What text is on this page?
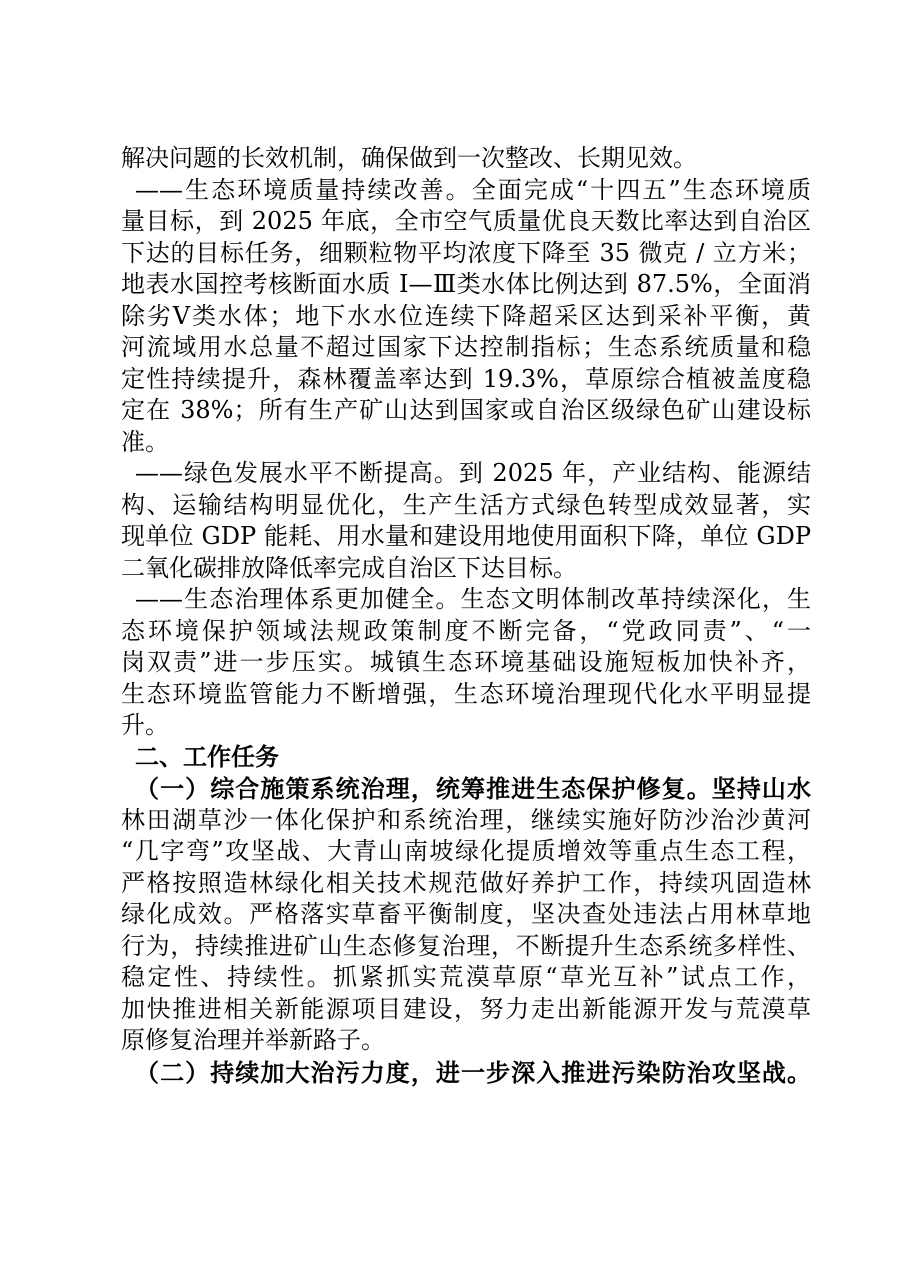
解决问题的长效机制，确保做到一次整改、长期见效。
——生态环境质量持续改善。全面完成“十四五”生态环境质
量目标，到 2025 年底，全市空气质量优良天数比率达到自治区
下达的目标任务，细颗粒物平均浓度下降至 35 微克 / 立方米；
地表水国控考核断面水质 I—Ⅲ类水体比例达到 87.5%，全面消
除劣Ⅴ类水体；地下水水位连续下降超采区达到采补平衡，黄
河流域用水总量不超过国家下达控制指标；生态系统质量和稳
定性持续提升，森林覆盖率达到 19.3%，草原综合植被盖度稳
定在 38%；所有生产矿山达到国家或自治区级绿色矿山建设标
准。
——绿色发展水平不断提高。到 2025 年，产业结构、能源结
构、运输结构明显优化，生产生活方式绿色转型成效显著，实
现单位 GDP 能耗、用水量和建设用地使用面积下降，单位 GDP
二氧化碳排放降低率完成自治区下达目标。
——生态治理体系更加健全。生态文明体制改革持续深化，生
态环境保护领域法规政策制度不断完备，“党政同责”、“一
岗双责”进一步压实。城镇生态环境基础设施短板加快补齐，
生态环境监管能力不断增强，生态环境治理现代化水平明显提
升。
二、工作任务
（一）综合施策系统治理，统筹推进生态保护修复。坚持山水
林田湖草沙一体化保护和系统治理，继续实施好防沙治沙黄河
“几字弯”攻坚战、大青山南坡绿化提质增效等重点生态工程，
严格按照造林绿化相关技术规范做好养护工作，持续巩固造林
绿化成效。严格落实草畜平衡制度，坚决查处违法占用林草地
行为，持续推进矿山生态修复治理，不断提升生态系统多样性、
稳定性、持续性。抓紧抓实荒漠草原“草光互补”试点工作，
加快推进相关新能源项目建设，努力走出新能源开发与荒漠草
原修复治理并举新路子。
（二）持续加大治污力度，进一步深入推进污染防治攻坚战。
